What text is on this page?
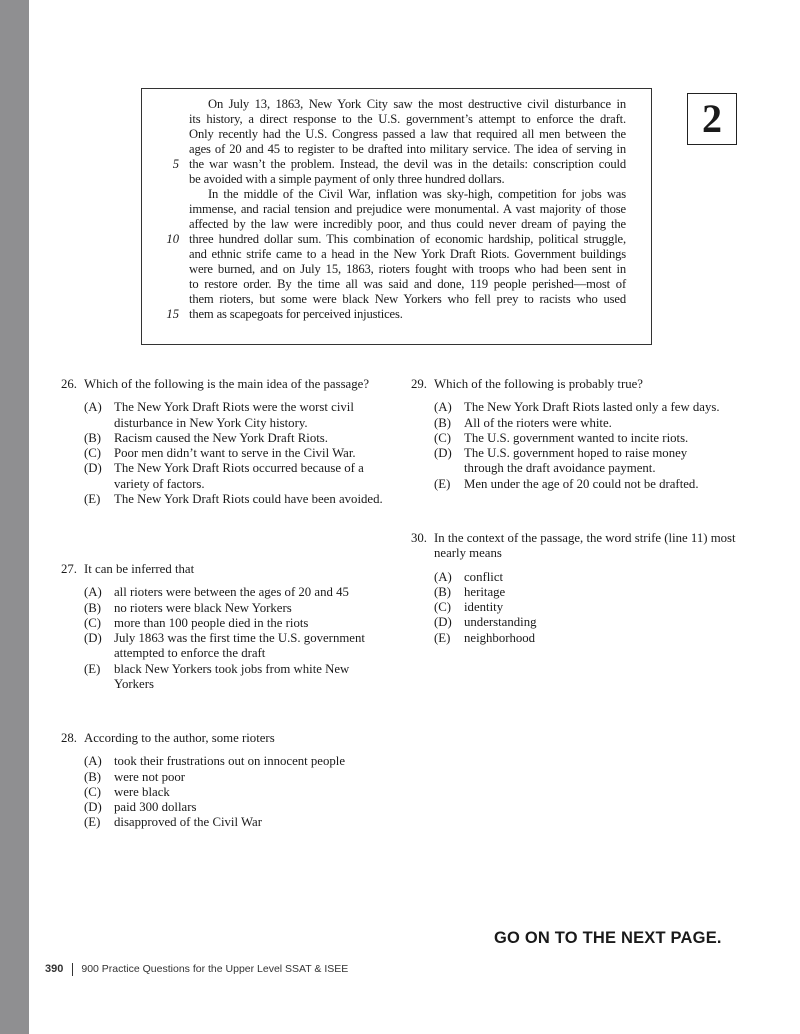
2
On July 13, 1863, New York City saw the most destructive civil disturbance in
its history, a direct response to the U.S. government’s attempt to enforce the draft.
Only recently had the U.S. Congress passed a law that required all men between the
ages of 20 and 45 to register to be drafted into military service. The idea of serving in
5 the war wasn’t the problem. Instead, the devil was in the details: conscription could
be avoided with a simple payment of only three hundred dollars.
In the middle of the Civil War, inflation was sky-high, competition for jobs was
immense, and racial tension and prejudice were monumental. A vast majority of those
affected by the law were incredibly poor, and thus could never dream of paying the
10 three hundred dollar sum. This combination of economic hardship, political struggle,
and ethnic strife came to a head in the New York Draft Riots. Government buildings
were burned, and on July 15, 1863, rioters fought with troops who had been sent in
to restore order. By the time all was said and done, 119 people perished—most of
them rioters, but some were black New Yorkers who fell prey to racists who used
15 them as scapegoats for perceived injustices.
26. Which of the following is the main idea of the passage?
(A) The New York Draft Riots were the worst civil disturbance in New York City history.
(B) Racism caused the New York Draft Riots.
(C) Poor men didn’t want to serve in the Civil War.
(D) The New York Draft Riots occurred because of a variety of factors.
(E) The New York Draft Riots could have been avoided.
27. It can be inferred that
(A) all rioters were between the ages of 20 and 45
(B) no rioters were black New Yorkers
(C) more than 100 people died in the riots
(D) July 1863 was the first time the U.S. government attempted to enforce the draft
(E) black New Yorkers took jobs from white New Yorkers
28. According to the author, some rioters
(A) took their frustrations out on innocent people
(B) were not poor
(C) were black
(D) paid 300 dollars
(E) disapproved of the Civil War
29. Which of the following is probably true?
(A) The New York Draft Riots lasted only a few days.
(B) All of the rioters were white.
(C) The U.S. government wanted to incite riots.
(D) The U.S. government hoped to raise money through the draft avoidance payment.
(E) Men under the age of 20 could not be drafted.
30. In the context of the passage, the word strife (line 11) most nearly means
(A) conflict
(B) heritage
(C) identity
(D) understanding
(E) neighborhood
GO ON TO THE NEXT PAGE.
390 900 Practice Questions for the Upper Level SSAT & ISEE
